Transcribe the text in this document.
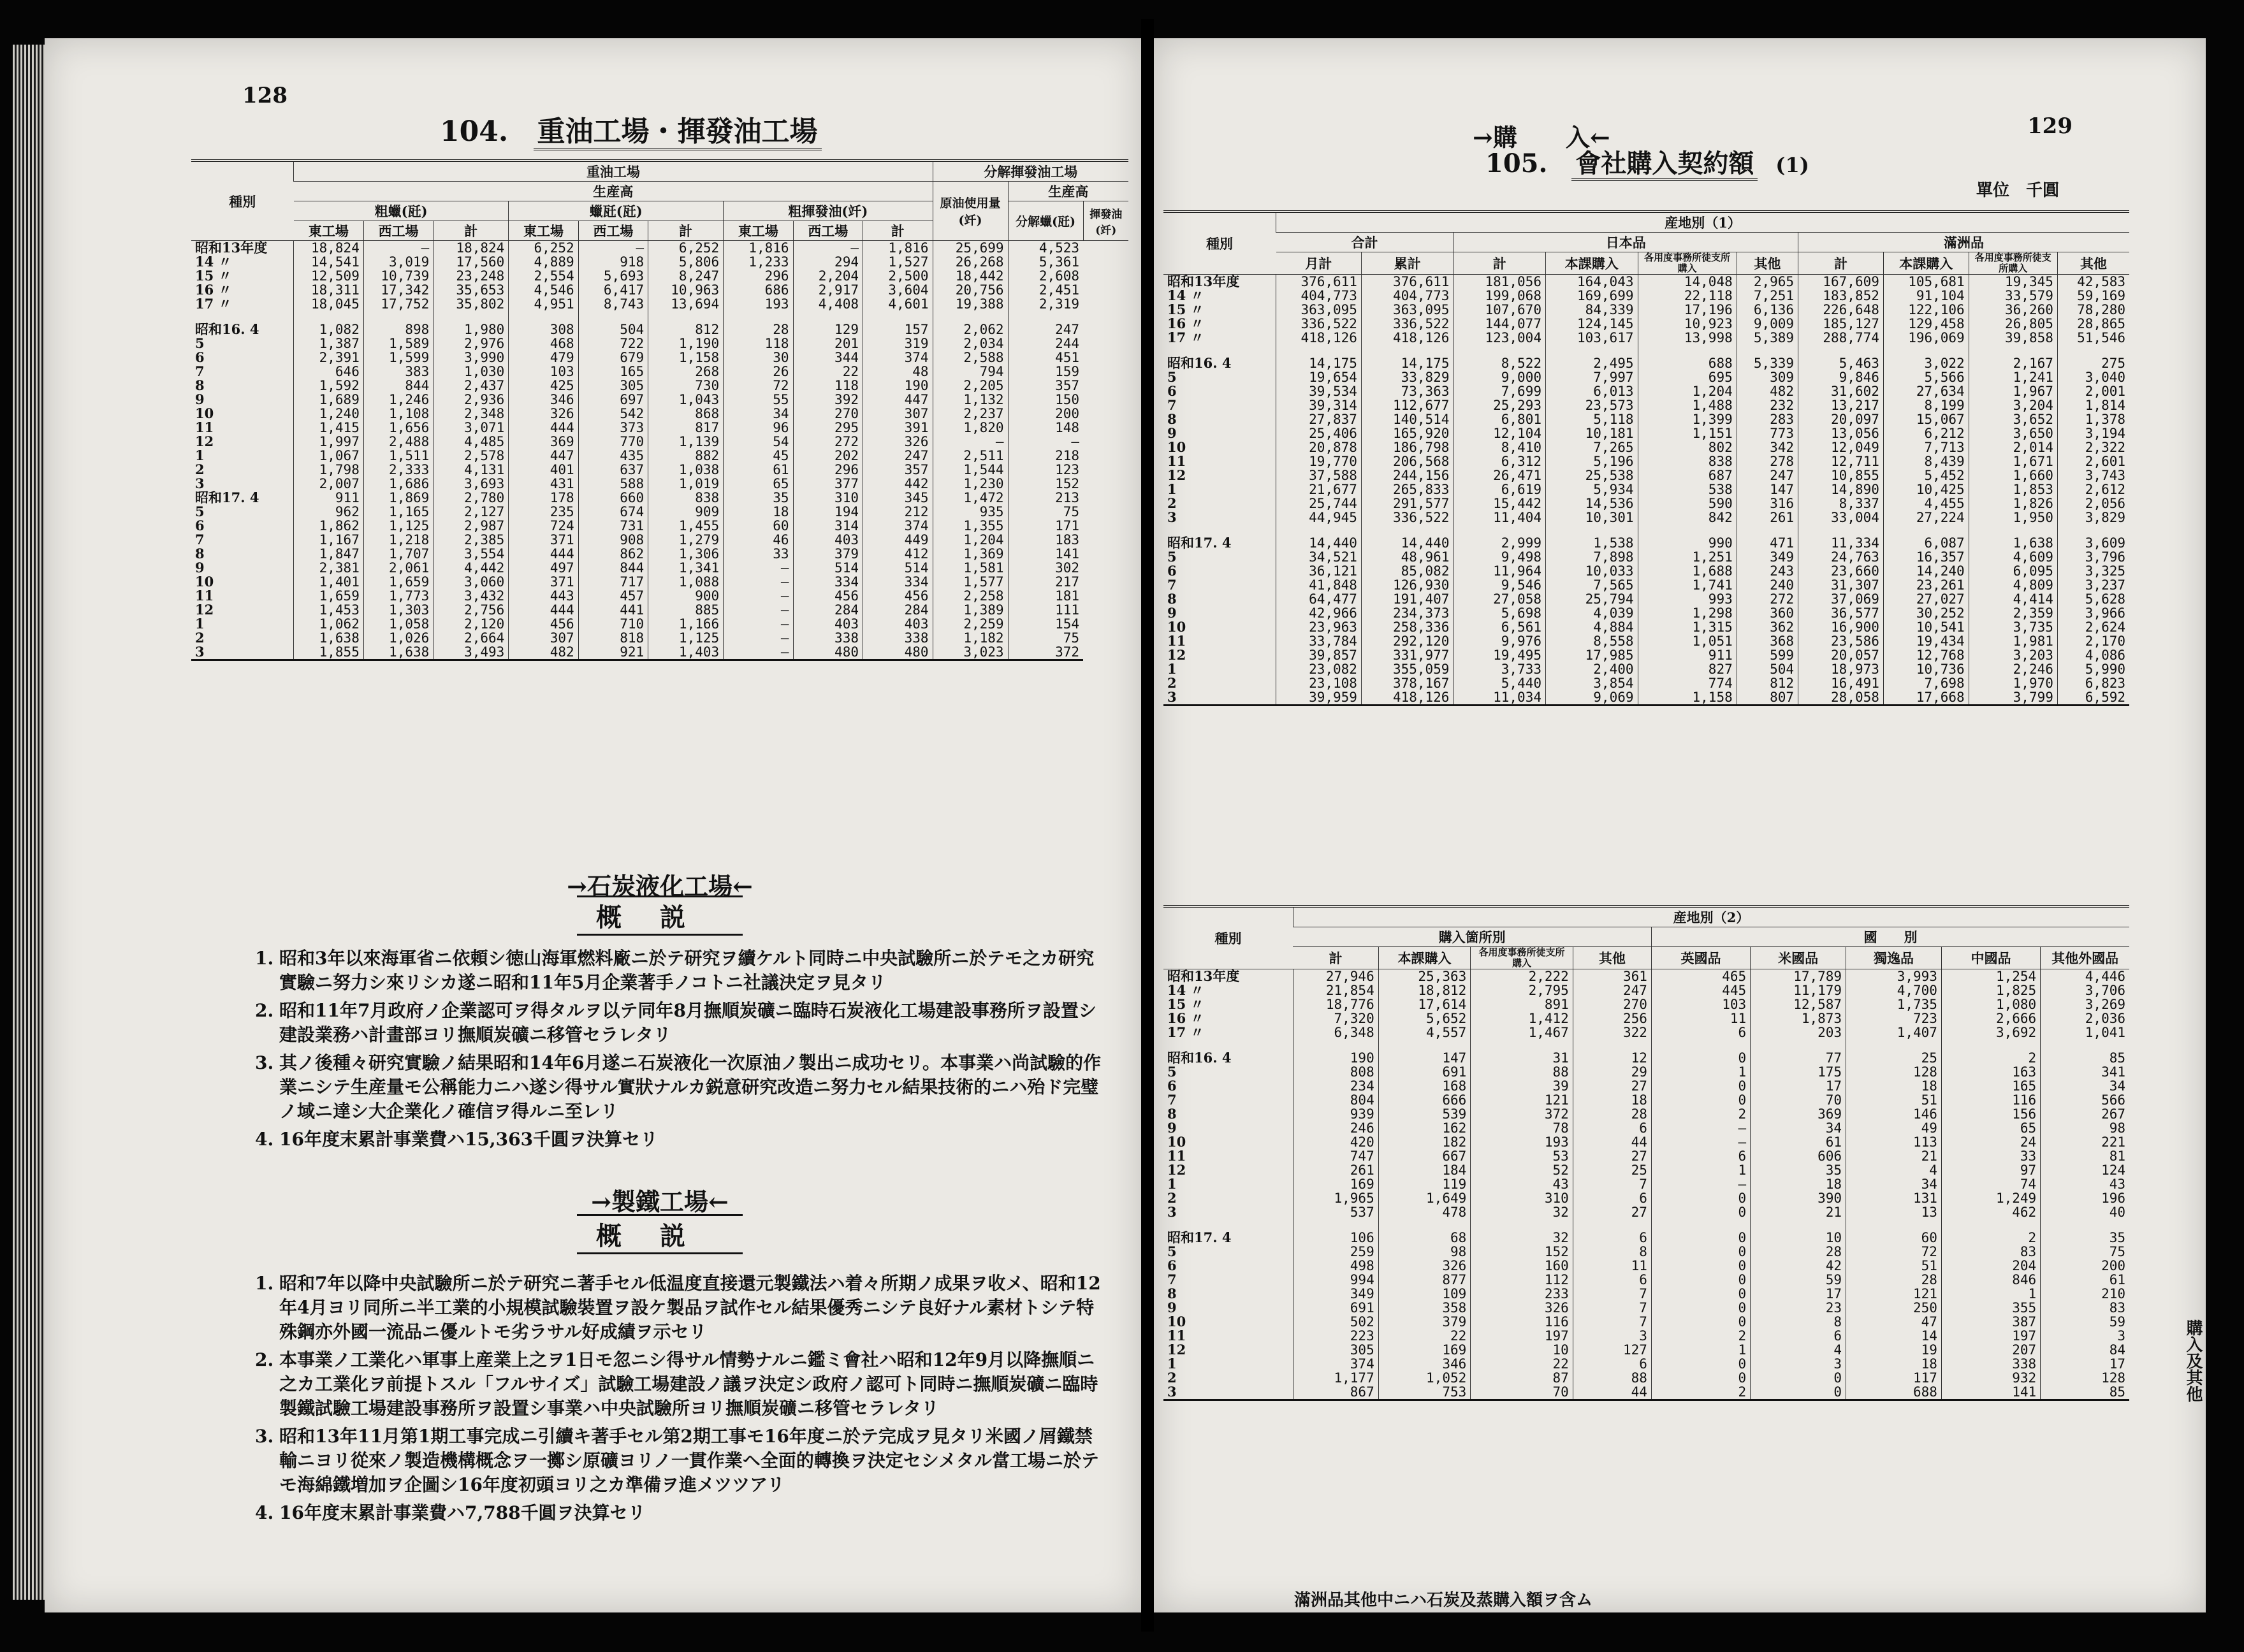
128
104. 重油工場・揮發油工場
種別	重油工場									分解揮發油工場		
	生産高									原油使用量(竏)	生産高	
	粗蠟(瓩)			蠟瓩(瓩)			粗揮發油(竏)				分解蠟(瓩)	揮發油(竏)
	東工場	西工場	計	東工場	西工場	計	東工場	西工場	計			
昭和13年度	18,824	—	18,824	6,252	—	6,252	1,816	—	1,816	25,699	4,523	
14 〃	14,541	3,019	17,560	4,889	918	5,806	1,233	294	1,527	26,268	5,361	
15 〃	12,509	10,739	23,248	2,554	5,693	8,247	296	2,204	2,500	18,442	2,608	
16 〃	18,311	17,342	35,653	4,546	6,417	10,963	686	2,917	3,604	20,756	2,451	
17 〃	18,045	17,752	35,802	4,951	8,743	13,694	193	4,408	4,601	19,388	2,319	

昭和16. 4	1,082	898	1,980	308	504	812	28	129	157	2,062	247	
5	1,387	1,589	2,976	468	722	1,190	118	201	319	2,034	244	
6	2,391	1,599	3,990	479	679	1,158	30	344	374	2,588	451	
7	646	383	1,030	103	165	268	26	22	48	794	159	
8	1,592	844	2,437	425	305	730	72	118	190	2,205	357	
9	1,689	1,246	2,936	346	697	1,043	55	392	447	1,132	150	
10	1,240	1,108	2,348	326	542	868	34	270	307	2,237	200	
11	1,415	1,656	3,071	444	373	817	96	295	391	1,820	148	
12	1,997	2,488	4,485	369	770	1,139	54	272	326	—	—	
1	1,067	1,511	2,578	447	435	882	45	202	247	2,511	218	
2	1,798	2,333	4,131	401	637	1,038	61	296	357	1,544	123	
3	2,007	1,686	3,693	431	588	1,019	65	377	442	1,230	152	
昭和17. 4	911	1,869	2,780	178	660	838	35	310	345	1,472	213	
5	962	1,165	2,127	235	674	909	18	194	212	935	75	
6	1,862	1,125	2,987	724	731	1,455	60	314	374	1,355	171	
7	1,167	1,218	2,385	371	908	1,279	46	403	449	1,204	183	
8	1,847	1,707	3,554	444	862	1,306	33	379	412	1,369	141	
9	2,381	2,061	4,442	497	844	1,341	—	514	514	1,581	302	
10	1,401	1,659	3,060	371	717	1,088	—	334	334	1,577	217	
11	1,659	1,773	3,432	443	457	900	—	456	456	2,258	181	
12	1,453	1,303	2,756	444	441	885	—	284	284	1,389	111	
1	1,062	1,058	2,120	456	710	1,166	—	403	403	2,259	154	
2	1,638	1,026	2,664	307	818	1,125	—	338	338	1,182	75	
3	1,855	1,638	3,493	482	921	1,403	—	480	480	3,023	372	
→石炭液化工場←
概説
1. 昭和3年以來海軍省ニ依頼シ徳山海軍燃料廠ニ於テ研究ヲ續ケルト同時ニ中央試驗所ニ於テモ之カ研究實驗ニ努力シ來リシカ遂ニ昭和11年5月企業著手ノコトニ社議決定ヲ見タリ
2. 昭和11年7月政府ノ企業認可ヲ得タルヲ以テ同年8月撫順炭礦ニ臨時石炭液化工場建設事務所ヲ設置シ建設業務ハ計畫部ヨリ撫順炭礦ニ移管セラレタリ
3. 其ノ後種々研究實驗ノ結果昭和14年6月遂ニ石炭液化一次原油ノ製出ニ成功セリ。本事業ハ尚試驗的作業ニシテ生産量モ公稱能力ニハ遂シ得サル實狀ナルカ鋭意研究改造ニ努力セル結果技術的ニハ殆ド完璧ノ域ニ達シ大企業化ノ確信ヲ得ルニ至レリ
4. 16年度末累計事業費ハ15,363千圓ヲ決算セリ
→製鐵工場←
概説
1. 昭和7年以降中央試驗所ニ於テ研究ニ著手セル低温度直接還元製鐵法ハ着々所期ノ成果ヲ收メ、昭和12年4月ヨリ同所ニ半工業的小規模試驗裝置ヲ設ケ製品ヲ試作セル結果優秀ニシテ良好ナル素材トシテ特殊鋼亦外國一流品ニ優ルトモ劣ラサル好成績ヲ示セリ
2. 本事業ノ工業化ハ軍事上産業上之ヲ1日モ忽ニシ得サル情勢ナルニ鑑ミ會社ハ昭和12年9月以降撫順ニ之カ工業化ヲ前提トスル「フルサイズ」試驗工場建設ノ議ヲ決定シ政府ノ認可ト同時ニ撫順炭礦ニ臨時製鐵試驗工場建設事務所ヲ設置シ事業ハ中央試驗所ヨリ撫順炭礦ニ移管セラレタリ
3. 昭和13年11月第1期工事完成ニ引續キ著手セル第2期工事モ16年度ニ於テ完成ヲ見タリ米國ノ屑鐵禁輸ニヨリ從來ノ製造機構概念ヲ一擲シ原礦ヨリノ一貫作業ヘ全面的轉換ヲ決定セシメタル當工場ニ於テモ海綿鐵増加ヲ企圖シ16年度初頭ヨリ之カ準備ヲ進メツツアリ
4. 16年度末累計事業費ハ7,788千圓ヲ決算セリ
129
→購　　入←
105. 會社購入契約額 (1)
單位　千圓
種別	産地別（1）									
	合計		日本品				滿洲品			
	月計	累計	計	本課購入	各用度事務所徒支所購入	其他	計	本課購入	各用度事務所徒支所購入	其他
昭和13年度	376,611	376,611	181,056	164,043	14,048	2,965	167,609	105,681	19,345	42,583
14 〃	404,773	404,773	199,068	169,699	22,118	7,251	183,852	91,104	33,579	59,169
15 〃	363,095	363,095	107,670	84,339	17,196	6,136	226,648	122,106	36,260	78,280
16 〃	336,522	336,522	144,077	124,145	10,923	9,009	185,127	129,458	26,805	28,865
17 〃	418,126	418,126	123,004	103,617	13,998	5,389	288,774	196,069	39,858	51,546

昭和16. 4	14,175	14,175	8,522	2,495	688	5,339	5,463	3,022	2,167	275
5	19,654	33,829	9,000	7,997	695	309	9,846	5,566	1,241	3,040
6	39,534	73,363	7,699	6,013	1,204	482	31,602	27,634	1,967	2,001
7	39,314	112,677	25,293	23,573	1,488	232	13,217	8,199	3,204	1,814
8	27,837	140,514	6,801	5,118	1,399	283	20,097	15,067	3,652	1,378
9	25,406	165,920	12,104	10,181	1,151	773	13,056	6,212	3,650	3,194
10	20,878	186,798	8,410	7,265	802	342	12,049	7,713	2,014	2,322
11	19,770	206,568	6,312	5,196	838	278	12,711	8,439	1,671	2,601
12	37,588	244,156	26,471	25,538	687	247	10,855	5,452	1,660	3,743
1	21,677	265,833	6,619	5,934	538	147	14,890	10,425	1,853	2,612
2	25,744	291,577	15,442	14,536	590	316	8,337	4,455	1,826	2,056
3	44,945	336,522	11,404	10,301	842	261	33,004	27,224	1,950	3,829

昭和17. 4	14,440	14,440	2,999	1,538	990	471	11,334	6,087	1,638	3,609
5	34,521	48,961	9,498	7,898	1,251	349	24,763	16,357	4,609	3,796
6	36,121	85,082	11,964	10,033	1,688	243	23,660	14,240	6,095	3,325
7	41,848	126,930	9,546	7,565	1,741	240	31,307	23,261	4,809	3,237
8	64,477	191,407	27,058	25,794	993	272	37,069	27,027	4,414	5,628
9	42,966	234,373	5,698	4,039	1,298	360	36,577	30,252	2,359	3,966
10	23,963	258,336	6,561	4,884	1,315	362	16,900	10,541	3,735	2,624
11	33,784	292,120	9,976	8,558	1,051	368	23,586	19,434	1,981	2,170
12	39,857	331,977	19,495	17,985	911	599	20,057	12,768	3,203	4,086
1	23,082	355,059	3,733	2,400	827	504	18,973	10,736	2,246	5,990
2	23,108	378,167	5,440	3,854	774	812	16,491	7,698	1,970	6,823
3	39,959	418,126	11,034	9,069	1,158	807	28,058	17,668	3,799	6,592
種別	産地別（2）								
	購入箇所別				國　　別				
	計	本課購入	各用度事務所徒支所購入	其他	英國品	米國品	獨逸品	中國品	其他外國品
昭和13年度	27,946	25,363	2,222	361	465	17,789	3,993	1,254	4,446
14 〃	21,854	18,812	2,795	247	445	11,179	4,700	1,825	3,706
15 〃	18,776	17,614	891	270	103	12,587	1,735	1,080	3,269
16 〃	7,320	5,652	1,412	256	11	1,873	723	2,666	2,036
17 〃	6,348	4,557	1,467	322	6	203	1,407	3,692	1,041

昭和16. 4	190	147	31	12	0	77	25	2	85
5	808	691	88	29	1	175	128	163	341
6	234	168	39	27	0	17	18	165	34
7	804	666	121	18	0	70	51	116	566
8	939	539	372	28	2	369	146	156	267
9	246	162	78	6	—	34	49	65	98
10	420	182	193	44	—	61	113	24	221
11	747	667	53	27	6	606	21	33	81
12	261	184	52	25	1	35	4	97	124
1	169	119	43	7	—	18	34	74	43
2	1,965	1,649	310	6	0	390	131	1,249	196
3	537	478	32	27	0	21	13	462	40

昭和17. 4	106	68	32	6	0	10	60	2	35
5	259	98	152	8	0	28	72	83	75
6	498	326	160	11	0	42	51	204	200
7	994	877	112	6	0	59	28	846	61
8	349	109	233	7	0	17	121	1	210
9	691	358	326	7	0	23	250	355	83
10	502	379	116	7	0	8	47	387	59
11	223	22	197	3	2	6	14	197	3
12	305	169	10	127	1	4	19	207	84
1	374	346	22	6	0	3	18	338	17
2	1,177	1,052	87	88	0	0	117	932	128
3	867	753	70	44	2	0	688	141	85
滿洲品其他中ニハ石炭及蒸購入額ヲ含ム
購入及其他
